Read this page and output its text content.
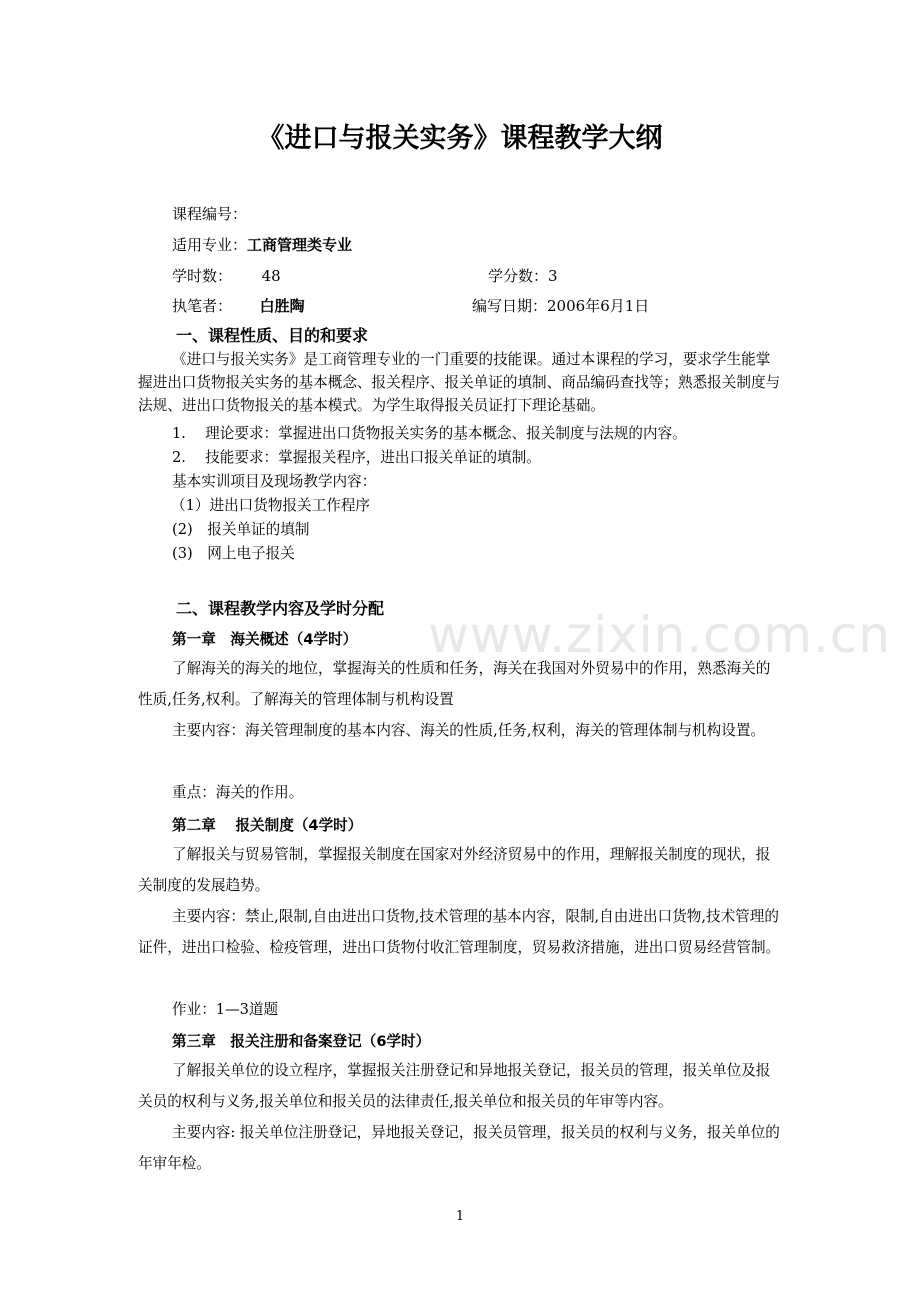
《进口与报关实务》课程教学大纲
课程编号：
适用专业：工商管理类专业
学时数： 48	学分数：3
执笔者： 白胜陶	编写日期：2006年6月1日
一、课程性质、目的和要求

《进口与报关实务》是工商管理专业的一门重要的技能课。通过本课程的学习，要求学生能掌握进出口货物报关实务的基本概念、报关程序、报关单证的填制、商品编码查找等；熟悉报关制度与法规、进出口货物报关的基本模式。为学生取得报关员证打下理论基础。

1.　 理论要求：掌握进出口货物报关实务的基本概念、报关制度与法规的内容。

2.　 技能要求：掌握报关程序，进出口报关单证的填制。

基本实训项目及现场教学内容：

（1）进出口货物报关工作程序

(2)　报关单证的填制

(3)　网上电子报关

二、课程教学内容及学时分配

第一章　海关概述（4学时）

了解海关的海关的地位，掌握海关的性质和任务，海关在我国对外贸易中的作用，熟悉海关的性质,任务,权利。了解海关的管理体制与机构设置

主要内容：海关管理制度的基本内容、海关的性质,任务,权利，海关的管理体制与机构设置。

重点：海关的作用。

第二章　 报关制度（4学时）

了解报关与贸易管制，掌握报关制度在国家对外经济贸易中的作用，理解报关制度的现状，报关制度的发展趋势。

主要内容：禁止,限制,自由进出口货物,技术管理的基本内容，限制,自由进出口货物,技术管理的证件，进出口检验、检疫管理，进出口货物付收汇管理制度，贸易救济措施，进出口贸易经营管制。

作业：1—3道题

第三章　报关注册和备案登记（6学时）

了解报关单位的设立程序，掌握报关注册登记和异地报关登记，报关员的管理，报关单位及报关员的权利与义务,报关单位和报关员的法律责任,报关单位和报关员的年审等内容。

主要内容: 报关单位注册登记，异地报关登记，报关员管理，报关员的权利与义务，报关单位的年审年检。

www.zixin.com.cn
1
